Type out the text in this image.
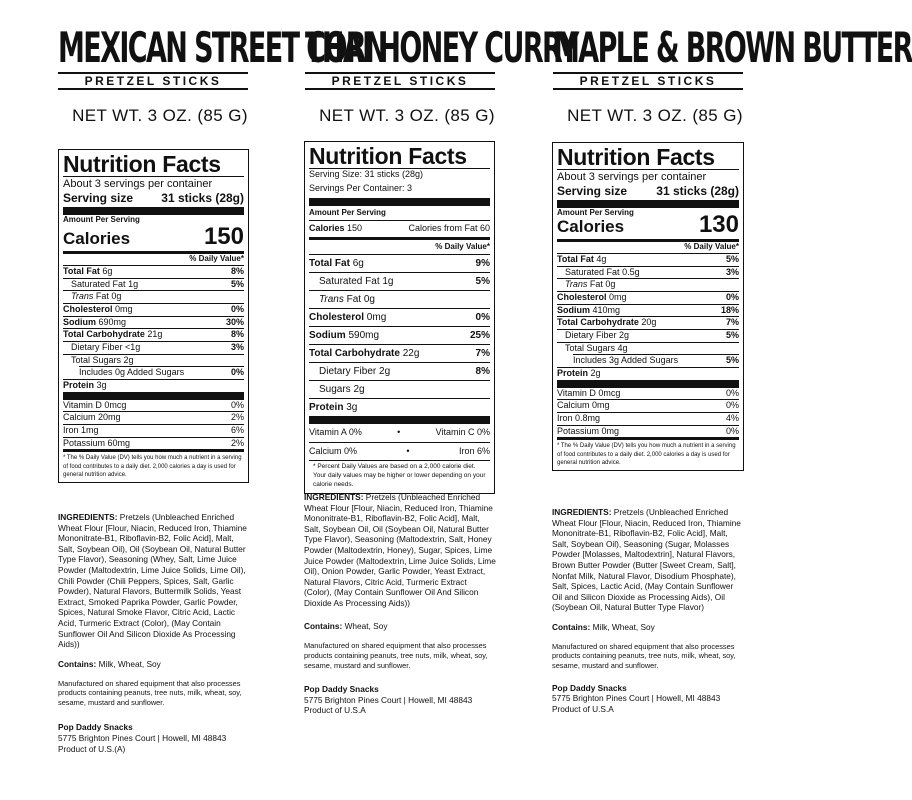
MEXICAN STREET CORN
PRETZEL STICKS
NET WT. 3 OZ. (85 G)
Nutrition Facts
About 3 servings per container
Serving size 31 sticks (28g)
Amount Per Serving
Calories	150
% Daily Value*
Total Fat 6g	8%
Saturated Fat 1g	5%
Trans Fat 0g
Cholesterol 0mg	0%
Sodium 690mg	30%
Total Carbohydrate 21g	8%
Dietary Fiber <1g	3%
Total Sugars 2g
Includes 0g Added Sugars	0%
Protein 3g
Vitamin D 0mcg	0%
Calcium 20mg	2%
Iron 1mg	6%
Potassium 60mg	2%
* The % Daily Value (DV) tells you how much a nutrient in a serving of food contributes to a daily diet. 2,000 calories a day is used for general nutrition advice.
INGREDIENTS: Pretzels (Unbleached Enriched Wheat Flour [Flour, Niacin, Reduced Iron, Thiamine Mononitrate-B1, Riboflavin-B2, Folic Acid], Malt, Salt, Soybean Oil), Oil (Soybean Oil, Natural Butter Type Flavor), Seasoning (Whey, Salt, Lime Juice Powder (Maltodextrin, Lime Juice Solids, Lime Oil), Chili Powder (Chili Peppers, Spices, Salt, Garlic Powder), Natural Flavors, Buttermilk Solids, Yeast Extract, Smoked Paprika Powder, Garlic Powder, Spices, Natural Smoke Flavor, Citric Acid, Lactic Acid, Turmeric Extract (Color), (May Contain Sunflower Oil And Silicon Dioxide As Processing Aids))
Contains: Milk, Wheat, Soy
Manufactured on shared equipment that also processes products containing peanuts, tree nuts, milk, wheat, soy, sesame, mustard and sunflower.
Pop Daddy Snacks
5775 Brighton Pines Court | Howell, MI 48843
Product of U.S.(A)
THAI HONEY CURRY
PRETZEL STICKS
NET WT. 3 OZ. (85 G)
Nutrition Facts
Serving Size: 31 sticks (28g)
Servings Per Container: 3
Amount Per Serving
Calories 150	Calories from Fat 60
% Daily Value*
Total Fat 6g	9%
Saturated Fat 1g	5%
Trans Fat 0g
Cholesterol 0mg	0%
Sodium 590mg	25%
Total Carbohydrate 22g	7%
Dietary Fiber 2g	8%
Sugars 2g
Protein 3g
Vitamin A 0%	•	Vitamin C 0%
Calcium 0%	•	Iron 6%
* Percent Daily Values are based on a 2,000 calorie diet. Your daily values may be higher or lower depending on your calorie needs.
INGREDIENTS: Pretzels (Unbleached Enriched Wheat Flour [Flour, Niacin, Reduced Iron, Thiamine Mononitrate-B1, Riboflavin-B2, Folic Acid], Malt, Salt, Soybean Oil, Oil (Soybean Oil, Natural Butter Type Flavor), Seasoning (Maltodextrin, Salt, Honey Powder (Maltodextrin, Honey), Sugar, Spices, Lime Juice Powder (Maltodextrin, Lime Juice Solids, Lime Oil), Onion Powder, Garlic Powder, Yeast Extract, Natural Flavors, Citric Acid, Turmeric Extract (Color), (May Contain Sunflower Oil And Silicon Dioxide As Processing Aids))
Contains: Wheat, Soy
Manufactured on shared equipment that also processes products containing peanuts, tree nuts, milk, wheat, soy, sesame, mustard and sunflower.
Pop Daddy Snacks
5775 Brighton Pines Court | Howell, MI 48843
Product of U.S.A
MAPLE & BROWN BUTTER
PRETZEL STICKS
NET WT. 3 OZ. (85 G)
Nutrition Facts
About 3 servings per container
Serving size 31 sticks (28g)
Amount Per Serving
Calories	130
% Daily Value*
Total Fat 4g	5%
Saturated Fat 0.5g	3%
Trans Fat 0g
Cholesterol 0mg	0%
Sodium 410mg	18%
Total Carbohydrate 20g	7%
Dietary Fiber 2g	5%
Total Sugars 4g
Includes 3g Added Sugars	5%
Protein 2g
Vitamin D 0mcg	0%
Calcium 0mg	0%
Iron 0.8mg	4%
Potassium 0mg	0%
* The % Daily Value (DV) tells you how much a nutrient in a serving of food contributes to a daily diet. 2,000 calories a day is used for general nutrition advice.
INGREDIENTS: Pretzels (Unbleached Enriched Wheat Flour [Flour, Niacin, Reduced Iron, Thiamine Mononitrate-B1, Riboflavin-B2, Folic Acid], Malt, Salt, Soybean Oil), Seasoning (Sugar, Molasses Powder [Molasses, Maltodextrin], Natural Flavors, Brown Butter Powder (Butter [Sweet Cream, Salt], Nonfat Milk, Natural Flavor, Disodium Phosphate), Salt, Spices, Lactic Acid, (May Contain Sunflower Oil and Silicon Dioxide as Processing Aids), Oil (Soybean Oil, Natural Butter Type Flavor)
Contains: Milk, Wheat, Soy
Manufactured on shared equipment that also processes products containing peanuts, tree nuts, milk, wheat, soy, sesame, mustard and sunflower.
Pop Daddy Snacks
5775 Brighton Pines Court | Howell, MI 48843
Product of U.S.A
